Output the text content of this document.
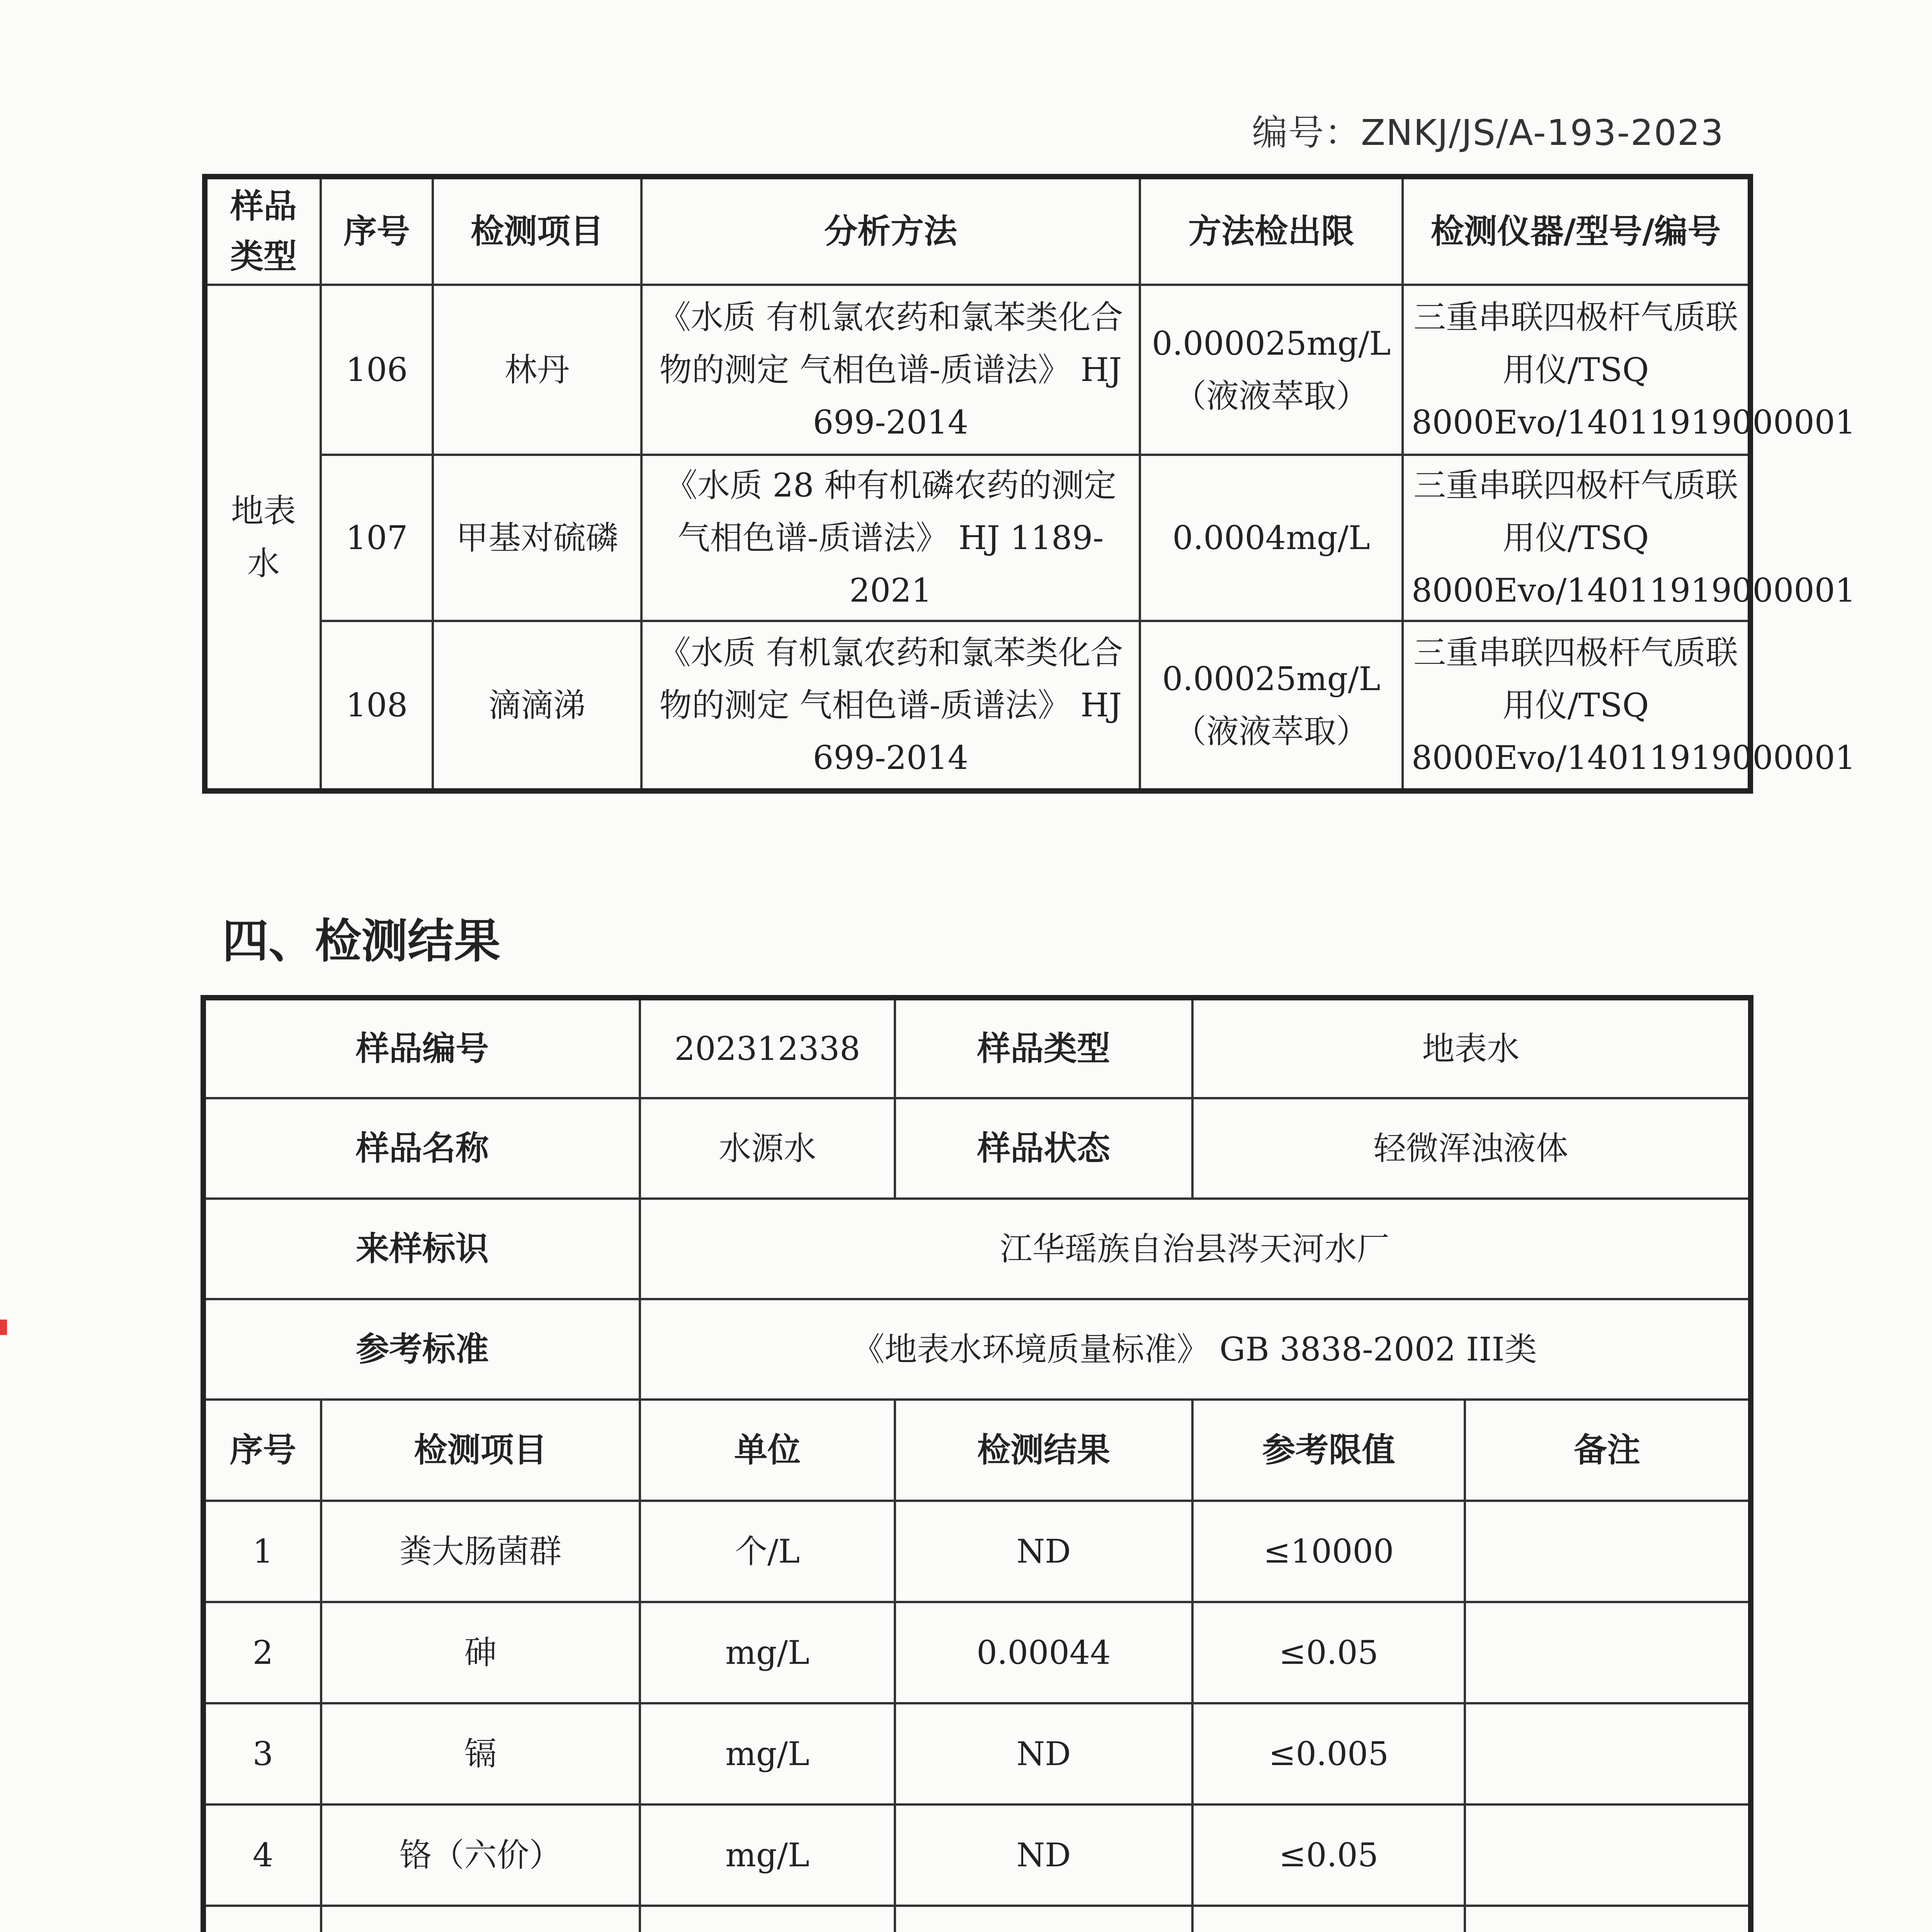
编号：ZNKJ/JS/A-193-2023
样品类型	序号	检测项目	分析方法	方法检出限	检测仪器/型号/编号
地表水	106	林丹	《水质 有机氯农药和氯苯类化合物的测定 气相色谱-质谱法》 HJ 699-2014	0.000025mg/L（液液萃取）	三重串联四极杆气质联用仪/TSQ 8000Evo/14011919000001
	107	甲基对硫磷	《水质 28 种有机磷农药的测定 气相色谱-质谱法》 HJ 1189-2021	0.0004mg/L	三重串联四极杆气质联用仪/TSQ 8000Evo/14011919000001
	108	滴滴涕	《水质 有机氯农药和氯苯类化合物的测定 气相色谱-质谱法》 HJ 699-2014	0.00025mg/L（液液萃取）	三重串联四极杆气质联用仪/TSQ 8000Evo/14011919000001
四、检测结果
样品编号		202312338	样品类型	地表水	
样品名称		水源水	样品状态	轻微浑浊液体	
来样标识		江华瑶族自治县涔天河水厂			
参考标准		《地表水环境质量标准》 GB 3838-2002 III类			
序号	检测项目	单位	检测结果	参考限值	备注
1	粪大肠菌群	个/L	ND	≤10000	
2	砷	mg/L	0.00044	≤0.05	
3	镉	mg/L	ND	≤0.005	
4	铬（六价）	mg/L	ND	≤0.05	
